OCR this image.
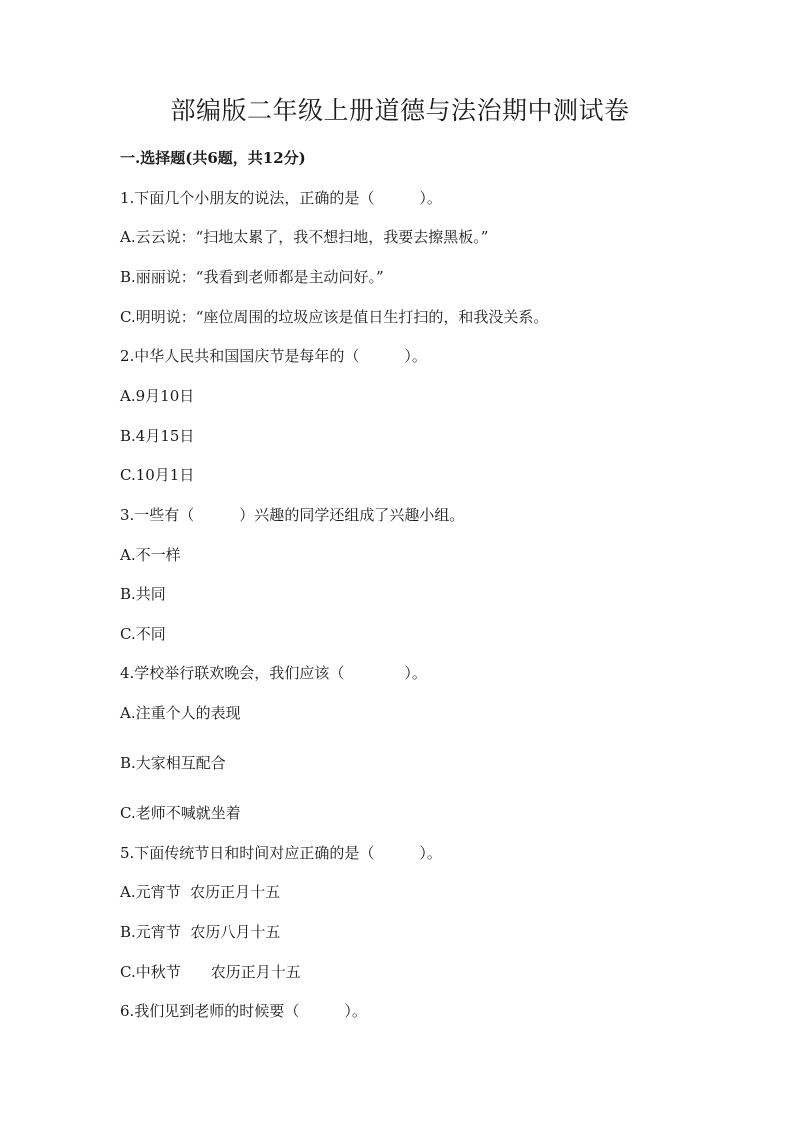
部编版二年级上册道德与法治期中测试卷
一.选择题(共6题，共12分)
1.下面几个小朋友的说法，正确的是（　　　）。
A.云云说：“扫地太累了，我不想扫地，我要去擦黑板。”
B.丽丽说：“我看到老师都是主动问好。”
C.明明说：“座位周围的垃圾应该是值日生打扫的，和我没关系。
2.中华人民共和国国庆节是每年的（　　　）。
A.9月10日
B.4月15日
C.10月1日
3.一些有（　　　）兴趣的同学还组成了兴趣小组。
A.不一样
B.共同
C.不同
4.学校举行联欢晚会，我们应该（　　　　）。
A.注重个人的表现
B.大家相互配合
C.老师不喊就坐着
5.下面传统节日和时间对应正确的是（　　　）。
A.元宵节  农历正月十五
B.元宵节  农历八月十五
C.中秋节　　农历正月十五
6.我们见到老师的时候要（　　　）。
